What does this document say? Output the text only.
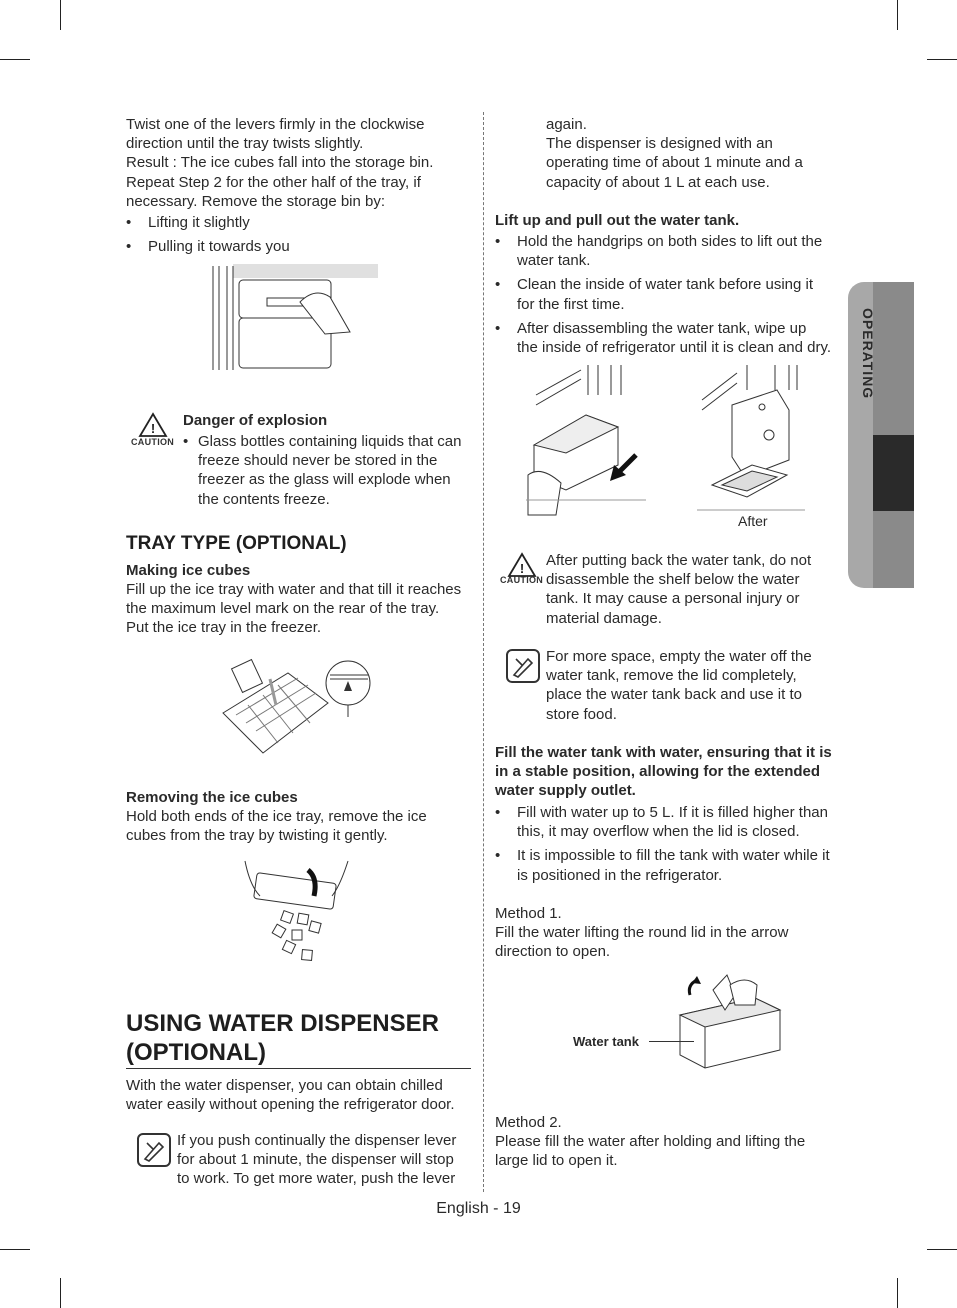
OPERATING
Twist one of the levers firmly in the clockwise
direction until the tray twists slightly.
Result : The ice cubes fall into the storage bin.
Repeat Step 2 for the other half of the tray, if
necessary. Remove the storage bin by:
• Lifting it slightly
• Pulling it towards you
!
CAUTION
Danger of explosion
• Glass bottles containing liquids that can
freeze should never be stored in the
freezer as the glass will explode when
the contents freeze.
TRAY TYPE (OPTIONAL)
Making ice cubes
Fill up the ice tray with water and that till it reaches
the maximum level mark on the rear of the tray.
Put the ice tray in the freezer.
Removing the ice cubes
Hold both ends of the ice tray, remove the ice
cubes from the tray by twisting it gently.
USING WATER DISPENSER
(OPTIONAL)
With the water dispenser, you can obtain chilled
water easily without opening the refrigerator door.
If you push continually the dispenser lever
for about 1 minute, the dispenser will stop
to work. To get more water, push the lever
again.
The dispenser is designed with an
operating time of about 1 minute and a
capacity of about 1 L at each use.
Lift up and pull out the water tank.
• Hold the handgrips on both sides to lift out the
water tank.
• Clean the inside of water tank before using it
for the first time.
• After disassembling the water tank, wipe up
the inside of refrigerator until it is clean and dry.
After
!
CAUTION
After putting back the water tank, do not
disassemble the shelf below the water
tank. It may cause a personal injury or
material damage.
For more space, empty the water off the
water tank, remove the lid completely,
place the water tank back and use it to
store food.
Fill the water tank with water, ensuring that it is
in a stable position, allowing for the extended
water supply outlet.
• Fill with water up to 5 L. If it is filled higher than
this, it may overflow when the lid is closed.
• It is impossible to fill the tank with water while it
is positioned in the refrigerator.
Method 1.
Fill the water lifting the round lid in the arrow
direction to open.
Water tank
Method 2.
Please fill the water after holding and lifting the
large lid to open it.
English - 19
